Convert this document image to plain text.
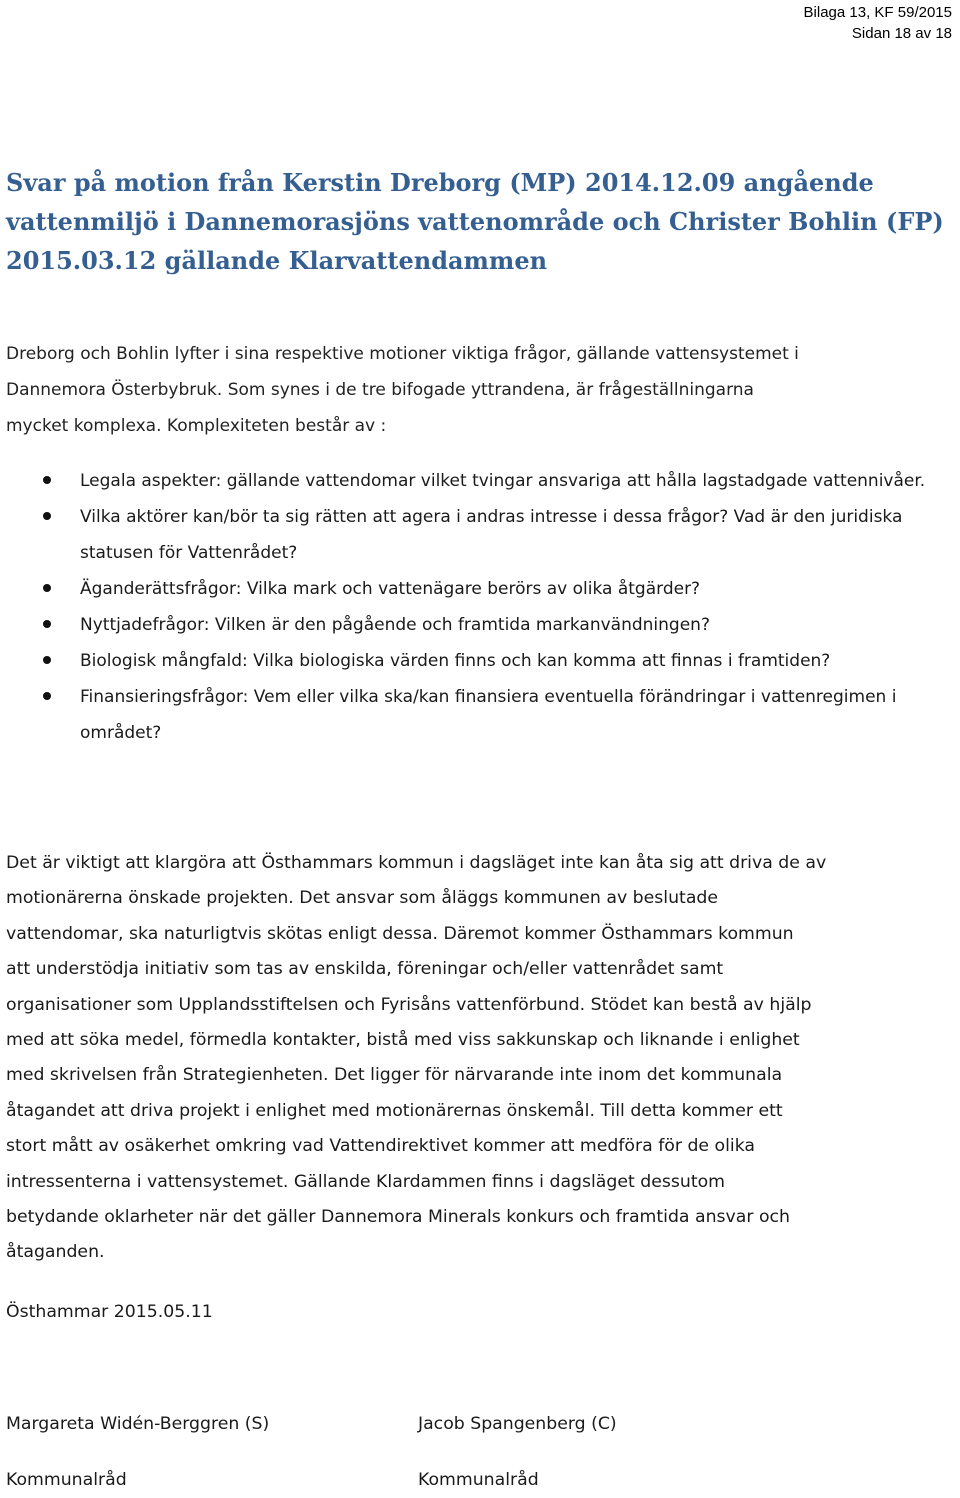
Bilaga 13, KF 59/2015
Sidan 18 av 18
Svar på motion från Kerstin Dreborg (MP) 2014.12.09 angående
vattenmiljö i Dannemorasjöns vattenområde och Christer Bohlin (FP)
2015.03.12 gällande Klarvattendammen

Dreborg och Bohlin lyfter i sina respektive motioner viktiga frågor, gällande vattensystemet i
Dannemora Österbybruk. Som synes i de tre bifogade yttrandena, är frågeställningarna
mycket komplexa. Komplexiteten består av :

Legala aspekter: gällande vattendomar vilket tvingar ansvariga att hålla lagstadgade vattennivåer.
Vilka aktörer kan/bör ta sig rätten att agera i andras intresse i dessa frågor? Vad är den juridiska statusen för Vattenrådet?
Äganderättsfrågor: Vilka mark och vattenägare berörs av olika åtgärder?
Nyttjadefrågor: Vilken är den pågående och framtida markanvändningen?
Biologisk mångfald: Vilka biologiska värden finns och kan komma att finnas i framtiden?
Finansieringsfrågor: Vem eller vilka ska/kan finansiera eventuella förändringar i vattenregimen i området?

Det är viktigt att klargöra att Östhammars kommun i dagsläget inte kan åta sig att driva de av
motionärerna önskade projekten. Det ansvar som åläggs kommunen av beslutade
vattendomar, ska naturligtvis skötas enligt dessa. Däremot kommer Östhammars kommun
att understödja initiativ som tas av enskilda, föreningar och/eller vattenrådet samt
organisationer som Upplandsstiftelsen och Fyrisåns vattenförbund. Stödet kan bestå av hjälp
med att söka medel, förmedla kontakter, bistå med viss sakkunskap och liknande i enlighet
med skrivelsen från Strategienheten. Det ligger för närvarande inte inom det kommunala
åtagandet att driva projekt i enlighet med motionärernas önskemål. Till detta kommer ett
stort mått av osäkerhet omkring vad Vattendirektivet kommer att medföra för de olika
intressenterna i vattensystemet. Gällande Klardammen finns i dagsläget dessutom
betydande oklarheter när det gäller Dannemora Minerals konkurs och framtida ansvar och
åtaganden.

Östhammar 2015.05.11

Margareta Widén-Berggren (S)
Kommunalråd
Jacob Spangenberg (C)
Kommunalråd
